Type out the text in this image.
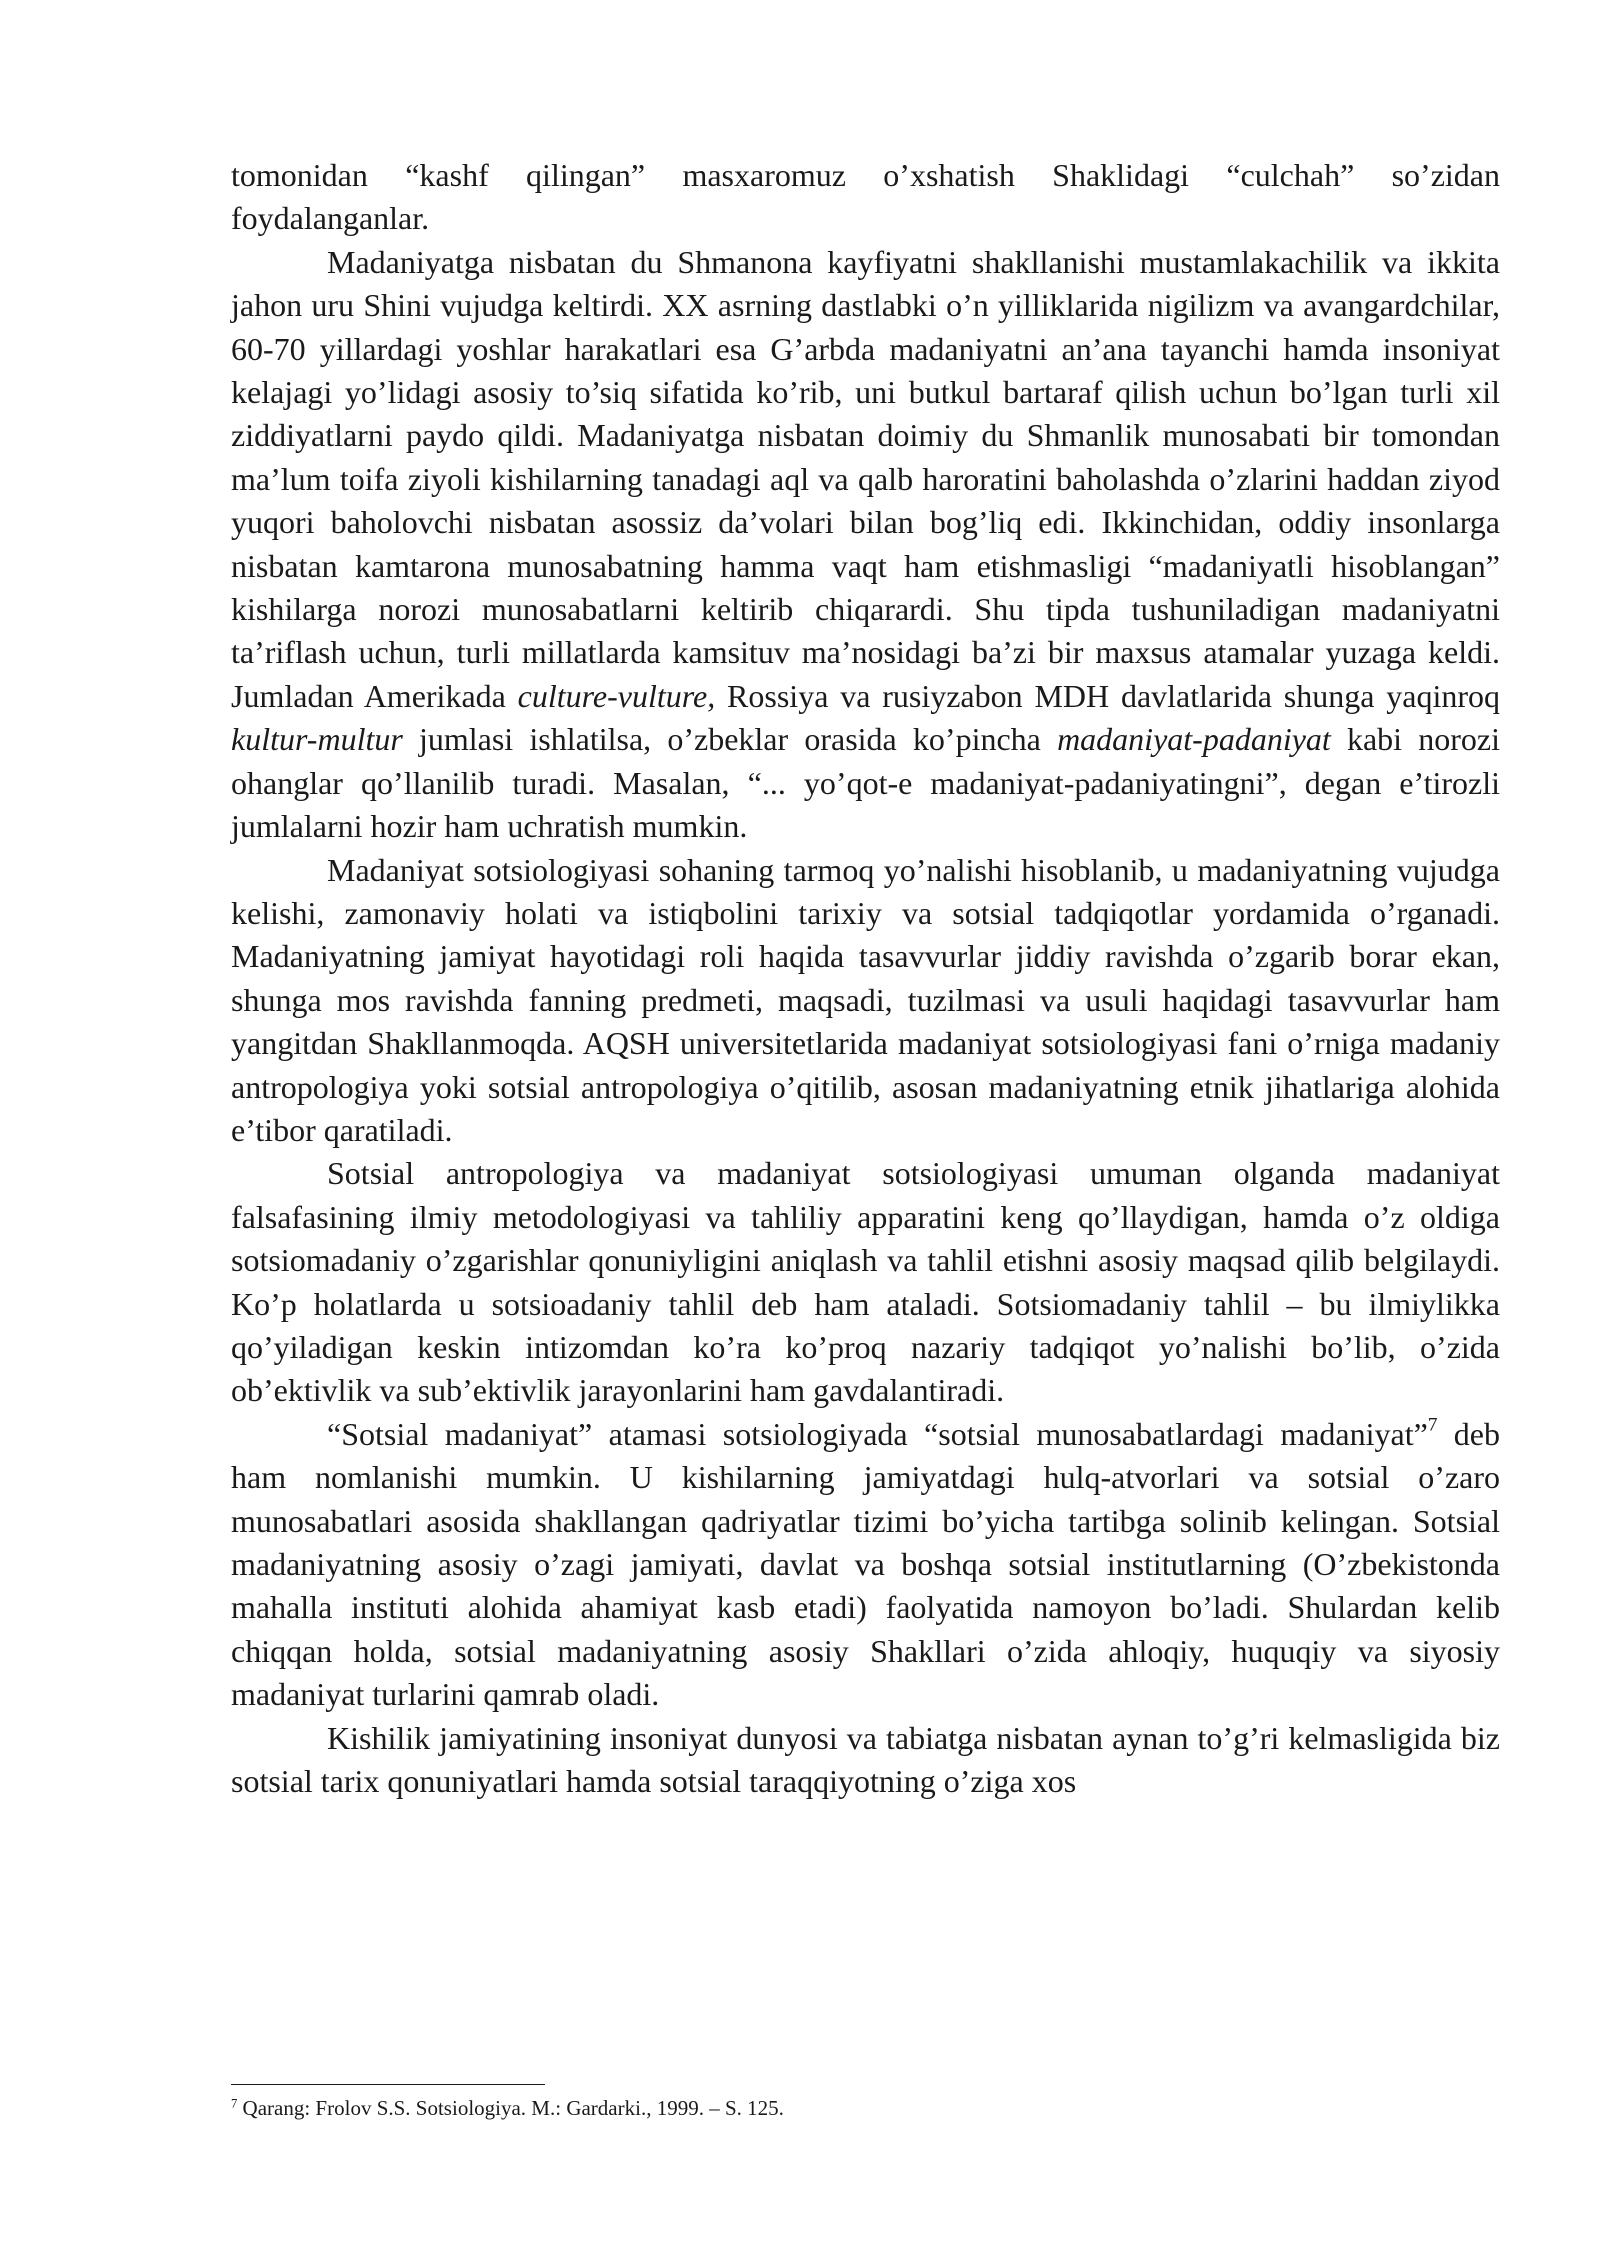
tomonidan “kashf qilingan” masxaromuz o’xshatish Shaklidagi “culchah” so’zidan foydalanganlar.

Madaniyatga nisbatan du Shmanona kayfiyatni shakllanishi mustamlakachilik va ikkita jahon uru Shini vujudga keltirdi. XX asrning dastlabki o’n yilliklarida nigilizm va avangardchilar, 60-70 yillardagi yoshlar harakatlari esa G’arbda madaniyatni an’ana tayanchi hamda insoniyat kelajagi yo’lidagi asosiy to’siq sifatida ko’rib, uni butkul bartaraf qilish uchun bo’lgan turli xil ziddiyatlarni paydo qildi. Madaniyatga nisbatan doimiy du Shmanlik munosabati bir tomondan ma’lum toifa ziyoli kishilarning tanadagi aql va qalb haroratini baholashda o’zlarini haddan ziyod yuqori baholovchi nisbatan asossiz da’volari bilan bog’liq edi. Ikkinchidan, oddiy insonlarga nisbatan kamtarona munosabatning hamma vaqt ham etishmasligi “madaniyatli hisoblangan” kishilarga norozi munosabatlarni keltirib chiqarardi. Shu tipda tushuniladigan madaniyatni ta’riflash uchun, turli millatlarda kamsituv ma’nosidagi ba’zi bir maxsus atamalar yuzaga keldi. Jumladan Amerikada culture-vulture, Rossiya va rusiyzabon MDH davlatlarida shunga yaqinroq kultur-multur jumlasi ishlatilsa, o’zbeklar orasida ko’pincha madaniyat-padaniyat kabi norozi ohanglar qo’llanilib turadi. Masalan, “... yo’qot-e madaniyat-padaniyatingni”, degan e’tirozli jumlalarni hozir ham uchratish mumkin.

Madaniyat sotsiologiyasi sohaning tarmoq yo’nalishi hisoblanib, u madaniyatning vujudga kelishi, zamonaviy holati va istiqbolini tarixiy va sotsial tadqiqotlar yordamida o’rganadi. Madaniyatning jamiyat hayotidagi roli haqida tasavvurlar jiddiy ravishda o’zgarib borar ekan, shunga mos ravishda fanning predmeti, maqsadi, tuzilmasi va usuli haqidagi tasavvurlar ham yangitdan Shakllanmoqda. AQSH universitetlarida madaniyat sotsiologiyasi fani o’rniga madaniy antropologiya yoki sotsial antropologiya o’qitilib, asosan madaniyatning etnik jihatlariga alohida e’tibor qaratiladi.

Sotsial antropologiya va madaniyat sotsiologiyasi umuman olganda madaniyat falsafasining ilmiy metodologiyasi va tahliliy apparatini keng qo’llaydigan, hamda o’z oldiga sotsiomadaniy o’zgarishlar qonuniyligini aniqlash va tahlil etishni asosiy maqsad qilib belgilaydi. Ko’p holatlarda u sotsioadaniy tahlil deb ham ataladi. Sotsiomadaniy tahlil – bu ilmiylikka qo’yiladigan keskin intizomdan ko’ra ko’proq nazariy tadqiqot yo’nalishi bo’lib, o’zida ob’ektivlik va sub’ektivlik jarayonlarini ham gavdalantiradi.

“Sotsial madaniyat” atamasi sotsiologiyada “sotsial munosabatlardagi madaniyat”$^7$ deb ham nomlanishi mumkin. U kishilarning jamiyatdagi hulq-atvorlari va sotsial o’zaro munosabatlari asosida shakllangan qadriyatlar tizimi bo’yicha tartibga solinib kelingan. Sotsial madaniyatning asosiy o’zagi jamiyati, davlat va boshqa sotsial institutlarning (O’zbekistonda mahalla instituti alohida ahamiyat kasb etadi) faolyatida namoyon bo’ladi. Shulardan kelib chiqqan holda, sotsial madaniyatning asosiy Shakllari o’zida ahloqiy, huquqiy va siyosiy madaniyat turlarini qamrab oladi.

Kishilik jamiyatining insoniyat dunyosi va tabiatga nisbatan aynan to’g’ri kelmasligida biz sotsial tarix qonuniyatlari hamda sotsial taraqqiyotning o’ziga xos

$^7$ Qarang: Frolov S.S. Sotsiologiya. M.: Gardarki., 1999. – S. 125.
